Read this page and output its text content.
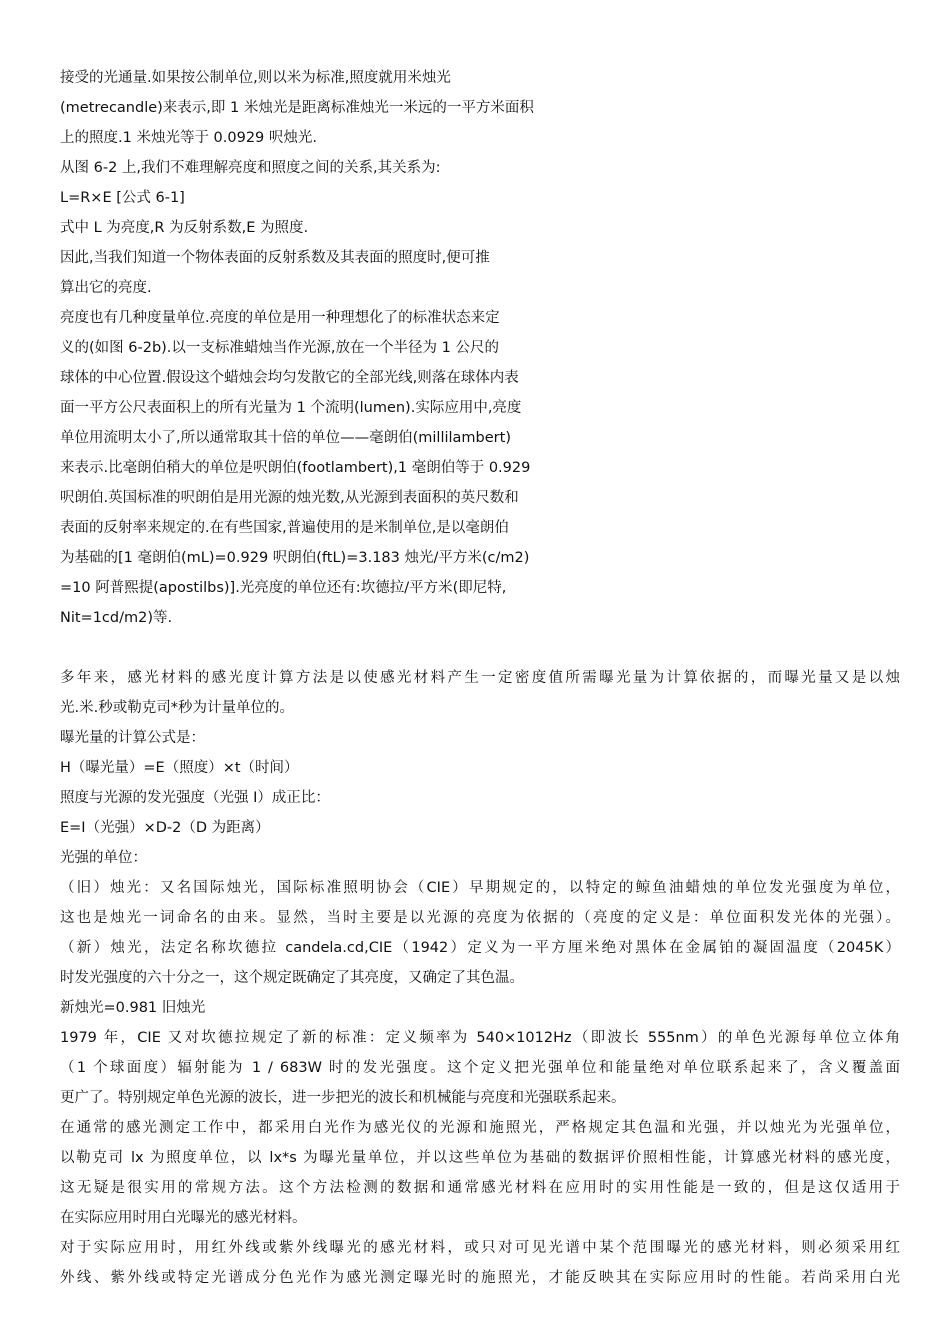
接受的光通量.如果按公制单位,则以米为标准,照度就用米烛光
(metrecandle)来表示,即 1 米烛光是距离标准烛光一米远的一平方米面积
上的照度.1 米烛光等于 0.0929 呎烛光.
从图 6-2 上,我们不难理解亮度和照度之间的关系,其关系为:
L=R×E [公式 6-1]
式中 L 为亮度,R 为反射系数,E 为照度.
因此,当我们知道一个物体表面的反射系数及其表面的照度时,便可推
算出它的亮度.
亮度也有几种度量单位.亮度的单位是用一种理想化了的标准状态来定
义的(如图 6-2b).以一支标准蜡烛当作光源,放在一个半径为 1 公尺的
球体的中心位置.假设这个蜡烛会均匀发散它的全部光线,则落在球体内表
面一平方公尺表面积上的所有光量为 1 个流明(lumen).实际应用中,亮度
单位用流明太小了,所以通常取其十倍的单位——毫朗伯(millilambert)
来表示.比毫朗伯稍大的单位是呎朗伯(footlambert),1 毫朗伯等于 0.929
呎朗伯.英国标准的呎朗伯是用光源的烛光数,从光源到表面积的英尺数和
表面的反射率来规定的.在有些国家,普遍使用的是米制单位,是以毫朗伯
为基础的[1 毫朗伯(mL)=0.929 呎朗伯(ftL)=3.183 烛光/平方米(c/m2)
=10 阿普熙提(apostilbs)].光亮度的单位还有:坎德拉/平方米(即尼特,
Nit=1cd/m2)等.
多年来，感光材料的感光度计算方法是以使感光材料产生一定密度值所需曝光量为计算依据的，而曝光量又是以烛
光.米.秒或勒克司*秒为计量单位的。
曝光量的计算公式是：
H（曝光量）=E（照度）×t（时间）
照度与光源的发光强度（光强 I）成正比：
E=I（光强）×D-2（D 为距离）
光强的单位：
（旧）烛光：又名国际烛光，国际标准照明协会（CIE）早期规定的，以特定的鲸鱼油蜡烛的单位发光强度为单位，
这也是烛光一词命名的由来。显然，当时主要是以光源的亮度为依据的（亮度的定义是：单位面积发光体的光强）。
（新）烛光，法定名称坎德拉 candela.cd,CIE（1942）定义为一平方厘米绝对黑体在金属铂的凝固温度（2045K）
时发光强度的六十分之一，这个规定既确定了其亮度，又确定了其色温。
新烛光=0.981 旧烛光
1979 年，CIE 又对坎德拉规定了新的标准：定义频率为 540×1012Hz（即波长 555nm）的单色光源每单位立体角
（1 个球面度）辐射能为 1 / 683W 时的发光强度。这个定义把光强单位和能量绝对单位联系起来了，含义覆盖面
更广了。特别规定单色光源的波长，进一步把光的波长和机械能与亮度和光强联系起来。
在通常的感光测定工作中，都采用白光作为感光仪的光源和施照光，严格规定其色温和光强，并以烛光为光强单位，
以勒克司 lx 为照度单位，以 lx*s 为曝光量单位，并以这些单位为基础的数据评价照相性能，计算感光材料的感光度，
这无疑是很实用的常规方法。这个方法检测的数据和通常感光材料在应用时的实用性能是一致的，但是这仅适用于
在实际应用时用白光曝光的感光材料。
对于实际应用时，用红外线或紫外线曝光的感光材料，或只对可见光谱中某个范围曝光的感光材料，则必须采用红
外线、紫外线或特定光谱成分色光作为感光测定曝光时的施照光，才能反映其在实际应用时的性能。若尚采用白光
